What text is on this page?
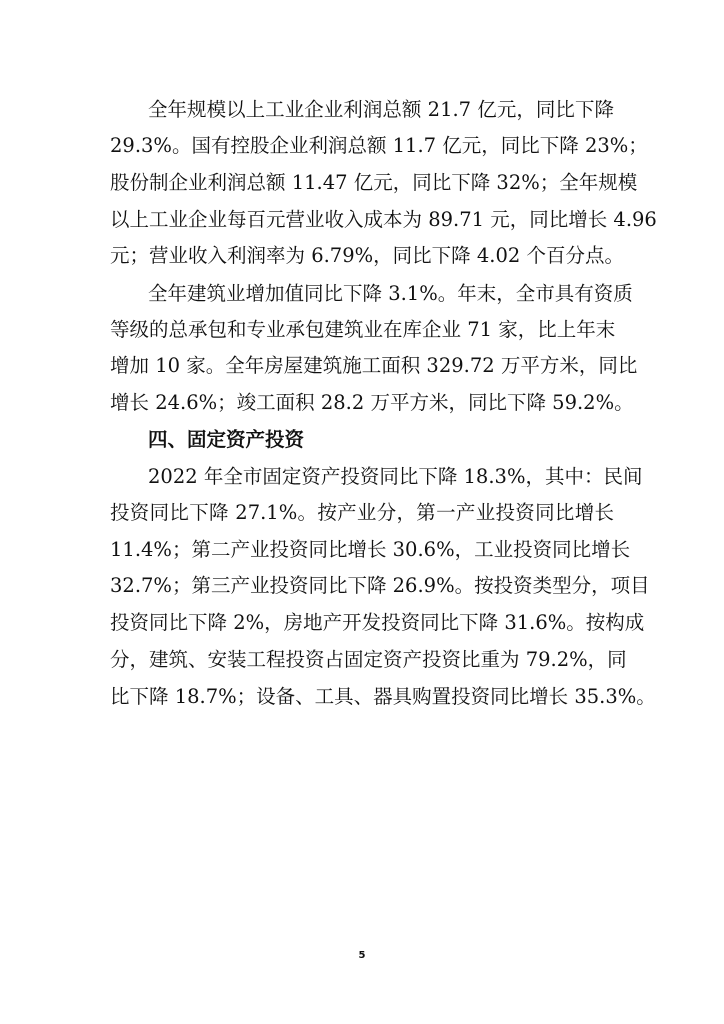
全年规模以上工业企业利润总额 21.7 亿元，同比下降
29.3%。国有控股企业利润总额 11.7 亿元，同比下降 23%；
股份制企业利润总额 11.47 亿元，同比下降 32%；全年规模
以上工业企业每百元营业收入成本为 89.71 元，同比增长 4.96
元；营业收入利润率为 6.79%，同比下降 4.02 个百分点。
全年建筑业增加值同比下降 3.1%。年末，全市具有资质
等级的总承包和专业承包建筑业在库企业 71 家，比上年末
增加 10 家。全年房屋建筑施工面积 329.72 万平方米，同比
增长 24.6%；竣工面积 28.2 万平方米，同比下降 59.2%。
四、固定资产投资
2022 年全市固定资产投资同比下降 18.3%，其中：民间
投资同比下降 27.1%。按产业分，第一产业投资同比增长
11.4%；第二产业投资同比增长 30.6%，工业投资同比增长
32.7%；第三产业投资同比下降 26.9%。按投资类型分，项目
投资同比下降 2%，房地产开发投资同比下降 31.6%。按构成
分，建筑、安装工程投资占固定资产投资比重为 79.2%，同
比下降 18.7%；设备、工具、器具购置投资同比增长 35.3%。
5
